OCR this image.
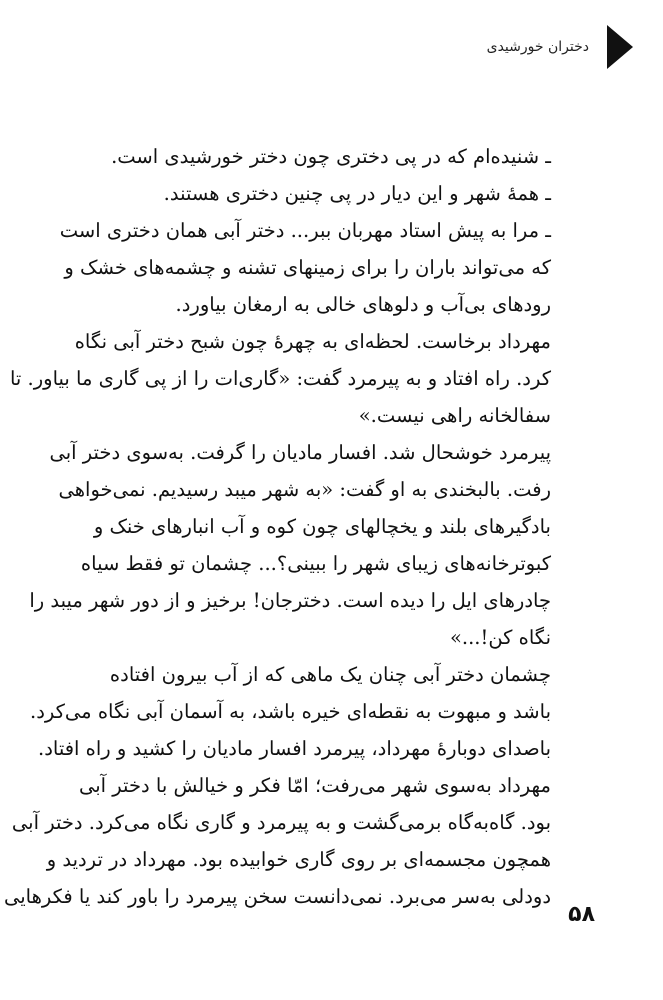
دختران خورشیدی
ـ شنیده‌ام که در پی دختری چون دختر خورشیدی است.
ـ همهٔ شهر و این دیار در پی چنین دختری هستند.
ـ مرا به پیش استاد مهربان ببر... دختر آبی همان دختری است
که می‌تواند باران را برای زمینهای تشنه و چشمه‌های خشک و
رودهای بی‌آب و دلوهای خالی به ارمغان بیاورد.
مهرداد برخاست. لحظه‌ای به چهرهٔ چون شبح دختر آبی نگاه
کرد. راه افتاد و به پیرمرد گفت: «گاری‌ات را از پی گاری ما بیاور. تا
سفالخانه راهی نیست.»
پیرمرد خوشحال شد. افسار مادیان را گرفت. به‌سوی دختر آبی
رفت. بالبخندی به او گفت: «به شهر میبد رسیدیم. نمی‌خواهی
بادگیرهای بلند و یخچالهای چون کوه و آب انبارهای خنک و
کبوترخانه‌های زیبای شهر را ببینی؟... چشمان تو فقط سیاه
چادرهای ایل را دیده است. دخترجان! برخیز و از دور شهر میبد را
نگاه کن!...»
چشمان دختر آبی چنان یک ماهی که از آب بیرون افتاده
باشد و مبهوت به نقطه‌ای خیره باشد، به آسمان آبی نگاه می‌کرد.
باصدای دوبارهٔ مهرداد، پیرمرد افسار مادیان را کشید و راه افتاد.
مهرداد به‌سوی شهر می‌رفت؛ امّا فکر و خیالش با دختر آبی
بود. گاه‌به‌گاه برمی‌گشت و به پیرمرد و گاری نگاه می‌کرد. دختر آبی
همچون مجسمه‌ای بر روی گاری خوابیده بود. مهرداد در تردید و
دودلی به‌سر می‌برد. نمی‌دانست سخن پیرمرد را باور کند یا فکرهایی
۵۸
